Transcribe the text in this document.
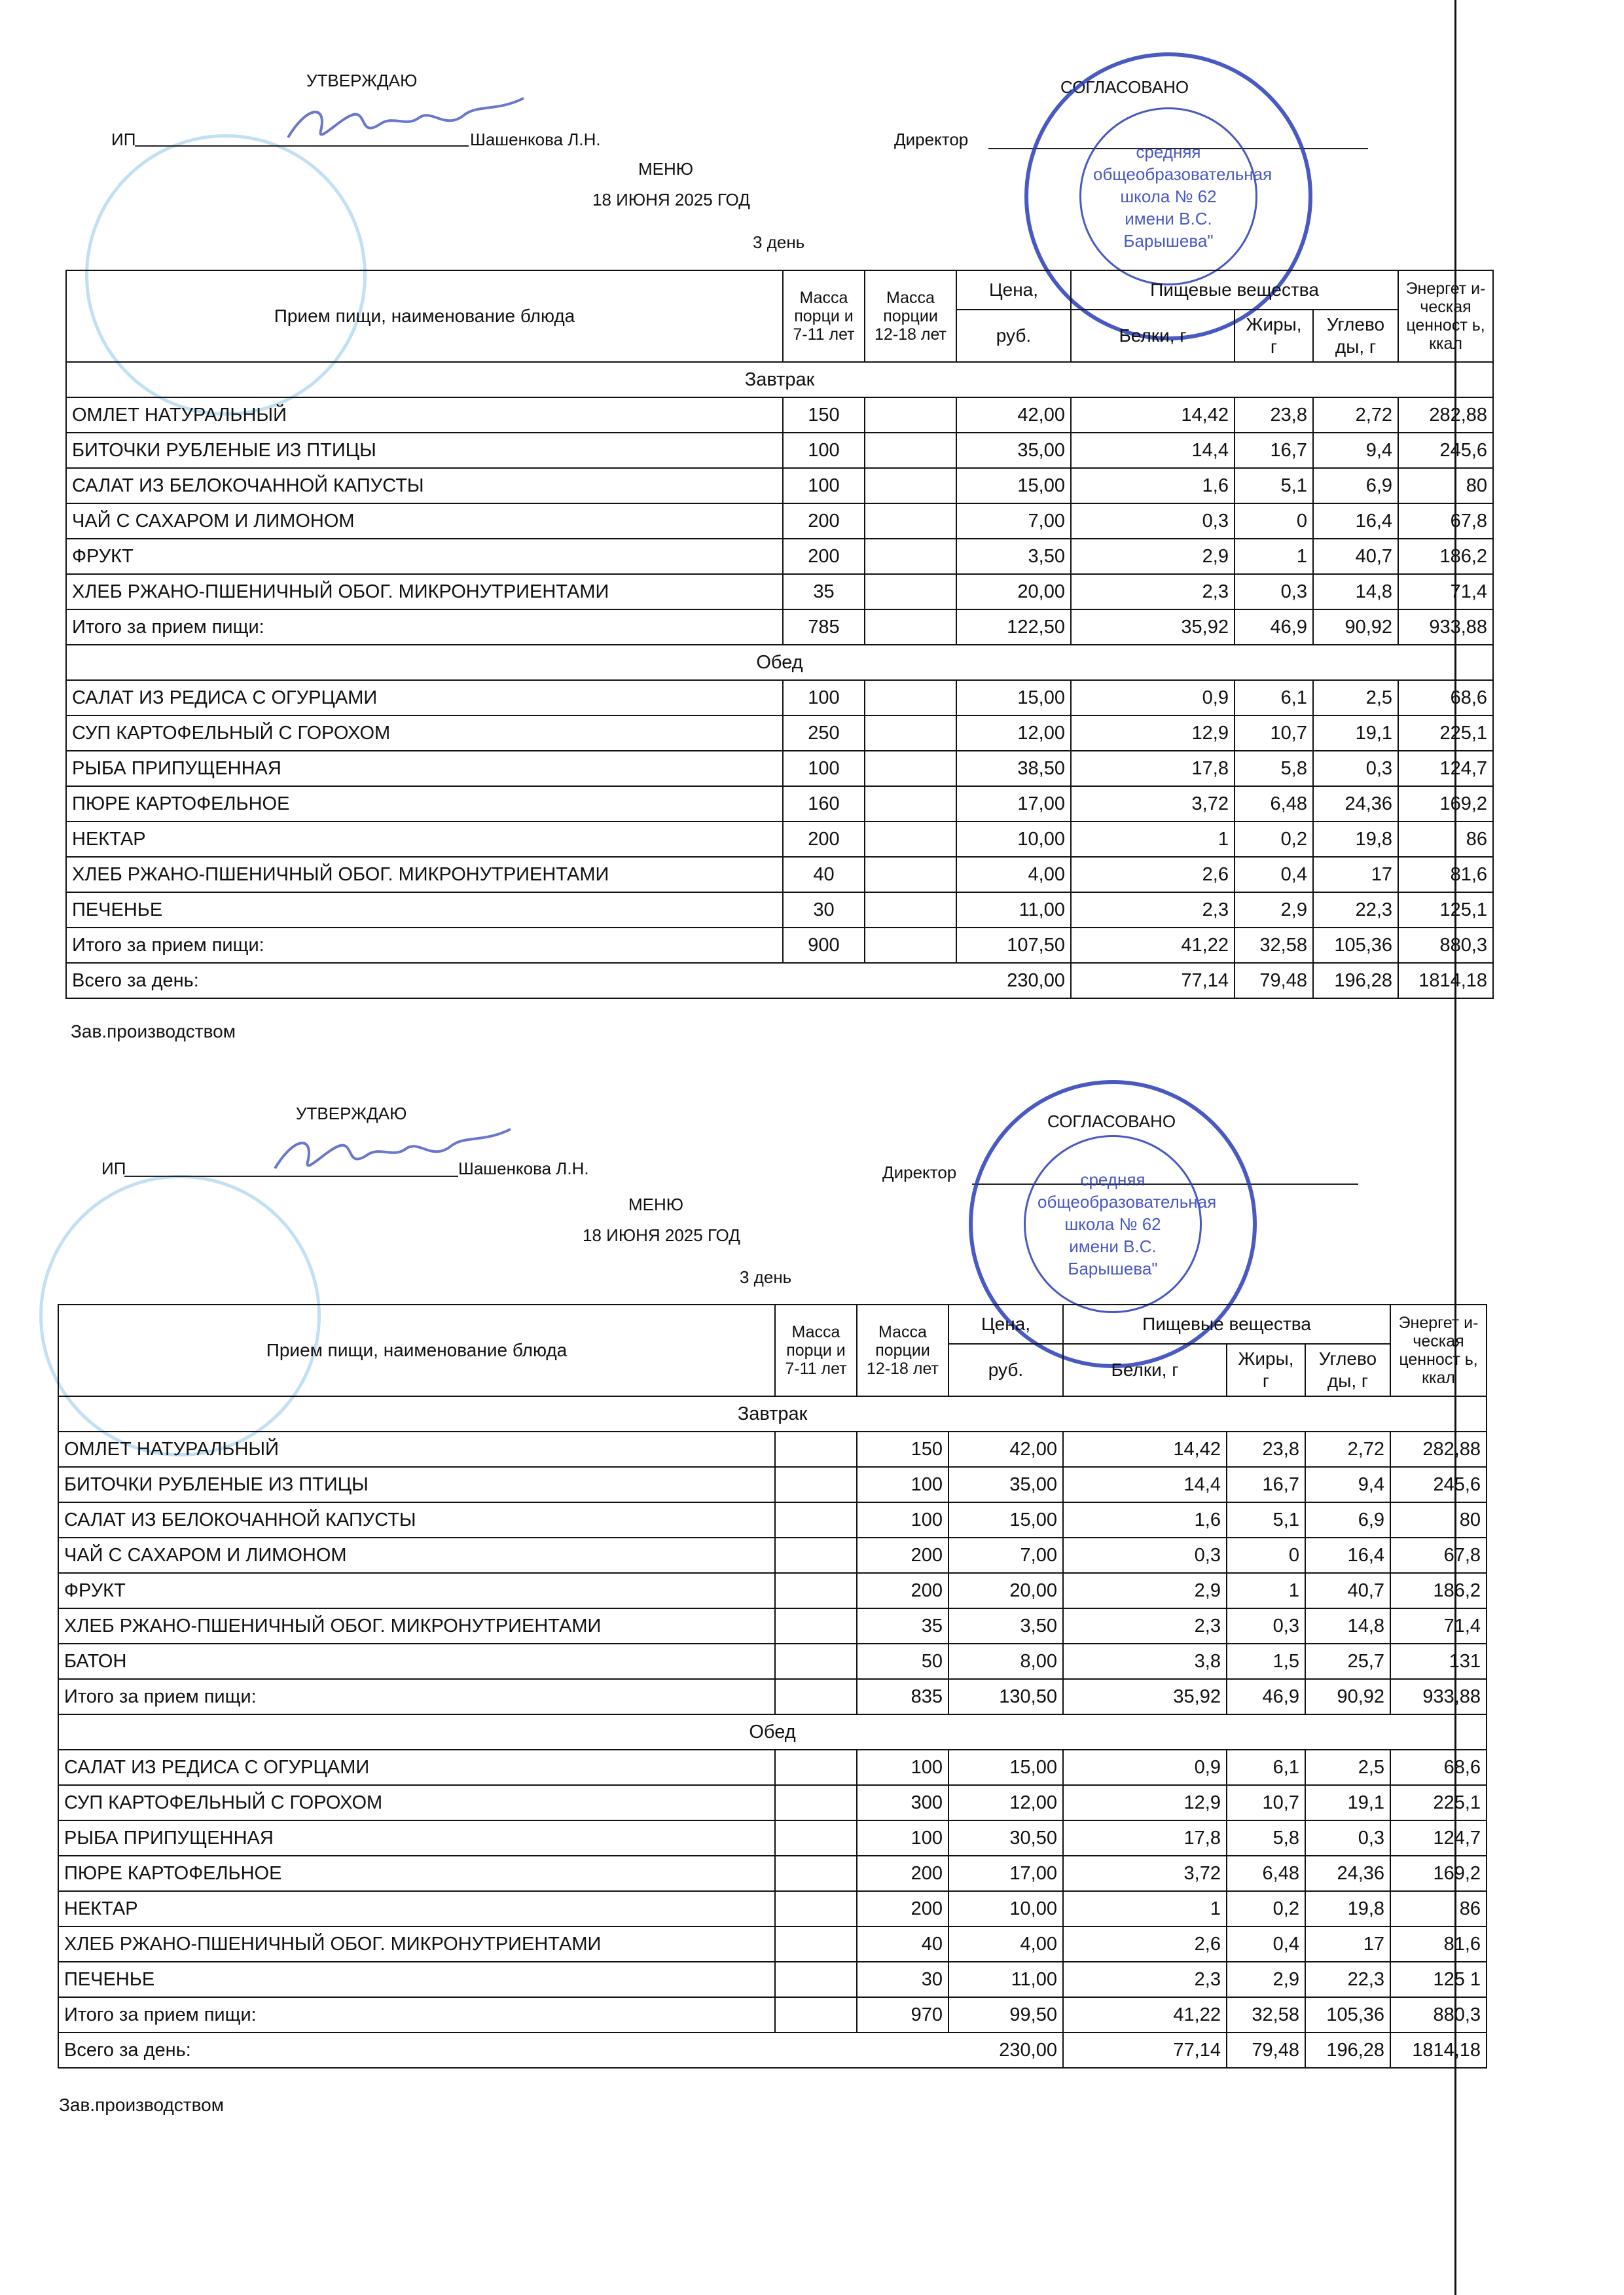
УТВЕРЖДАЮ
ИП	Шашенкова Л.Н.
СОГЛАСОВАНО
Директор
средняя общеобразовательная школа № 62 имени В.С. Барышева"
МЕНЮ
18 ИЮНЯ 2025 ГОД
3 день
Прием пищи, наименование блюда	Масса порци и 7-11 лет	Масса порции 12-18 лет	Цена,	Пищевые вещества			Энергет и-ческая ценност ь, ккал
			руб.	Белки, г	Жиры, г	Углево ды, г	
Завтрак							
ОМЛЕТ НАТУРАЛЬНЫЙ	150		42,00	14,42	23,8	2,72	282,88
БИТОЧКИ РУБЛЕНЫЕ ИЗ ПТИЦЫ	100		35,00	14,4	16,7	9,4	245,6
САЛАТ ИЗ БЕЛОКОЧАННОЙ КАПУСТЫ	100		15,00	1,6	5,1	6,9	80
ЧАЙ С САХАРОМ И ЛИМОНОМ	200		7,00	0,3	0	16,4	67,8
ФРУКТ	200		3,50	2,9	1	40,7	186,2
ХЛЕБ РЖАНО-ПШЕНИЧНЫЙ ОБОГ. МИКРОНУТРИЕНТАМИ	35		20,00	2,3	0,3	14,8	71,4
Итого за прием пищи:	785		122,50	35,92	46,9	90,92	933,88
Обед							
САЛАТ ИЗ РЕДИСА С ОГУРЦАМИ	100		15,00	0,9	6,1	2,5	68,6
СУП КАРТОФЕЛЬНЫЙ С ГОРОХОМ	250		12,00	12,9	10,7	19,1	225,1
РЫБА ПРИПУЩЕННАЯ	100		38,50	17,8	5,8	0,3	124,7
ПЮРЕ КАРТОФЕЛЬНОЕ	160		17,00	3,72	6,48	24,36	169,2
НЕКТАР	200		10,00	1	0,2	19,8	86
ХЛЕБ РЖАНО-ПШЕНИЧНЫЙ ОБОГ. МИКРОНУТРИЕНТАМИ	40		4,00	2,6	0,4	17	81,6
ПЕЧЕНЬЕ	30		11,00	2,3	2,9	22,3	125,1
Итого за прием пищи:	900		107,50	41,22	32,58	105,36	880,3

Всего за день: 230,00				77,14	79,48	196,28	1814,18
Зав.производством
УТВЕРЖДАЮ
ИП	Шашенкова Л.Н.
СОГЛАСОВАНО
Директор	средняя общеобразовательная школа № 62 имени В.С. Барышева"
МЕНЮ
18 ИЮНЯ 2025 ГОД
3 день
Прием пищи, наименование блюда	Масса порци и 7-11 лет	Масса порции 12-18 лет	Цена,	Пищевые вещества			Энергет и-ческая ценност ь, ккал
			руб.	Белки, г	Жиры, г	Углево ды, г	
Завтрак							
ОМЛЕТ НАТУРАЛЬНЫЙ		150	42,00	14,42	23,8	2,72	282,88
БИТОЧКИ РУБЛЕНЫЕ ИЗ ПТИЦЫ		100	35,00	14,4	16,7	9,4	245,6
САЛАТ ИЗ БЕЛОКОЧАННОЙ КАПУСТЫ		100	15,00	1,6	5,1	6,9	80
ЧАЙ С САХАРОМ И ЛИМОНОМ		200	7,00	0,3	0	16,4	67,8
ФРУКТ		200	20,00	2,9	1	40,7	186,2
ХЛЕБ РЖАНО-ПШЕНИЧНЫЙ ОБОГ. МИКРОНУТРИЕНТАМИ		35	3,50	2,3	0,3	14,8	71,4
БАТОН		50	8,00	3,8	1,5	25,7	131
Итого за прием пищи:		835	130,50	35,92	46,9	90,92	933,88
Обед							
САЛАТ ИЗ РЕДИСА С ОГУРЦАМИ		100	15,00	0,9	6,1	2,5	68,6
СУП КАРТОФЕЛЬНЫЙ С ГОРОХОМ		300	12,00	12,9	10,7	19,1	225,1
РЫБА ПРИПУЩЕННАЯ		100	30,50	17,8	5,8	0,3	124,7
ПЮРЕ КАРТОФЕЛЬНОЕ		200	17,00	3,72	6,48	24,36	169,2
НЕКТАР		200	10,00	1	0,2	19,8	86
ХЛЕБ РЖАНО-ПШЕНИЧНЫЙ ОБОГ. МИКРОНУТРИЕНТАМИ		40	4,00	2,6	0,4	17	81,6
ПЕЧЕНЬЕ		30	11,00	2,3	2,9	22,3	125 1
Итого за прием пищи:		970	99,50	41,22	32,58	105,36	880,3

Всего за день: 230,00				77,14	79,48	196,28	1814,18
Зав.производством
